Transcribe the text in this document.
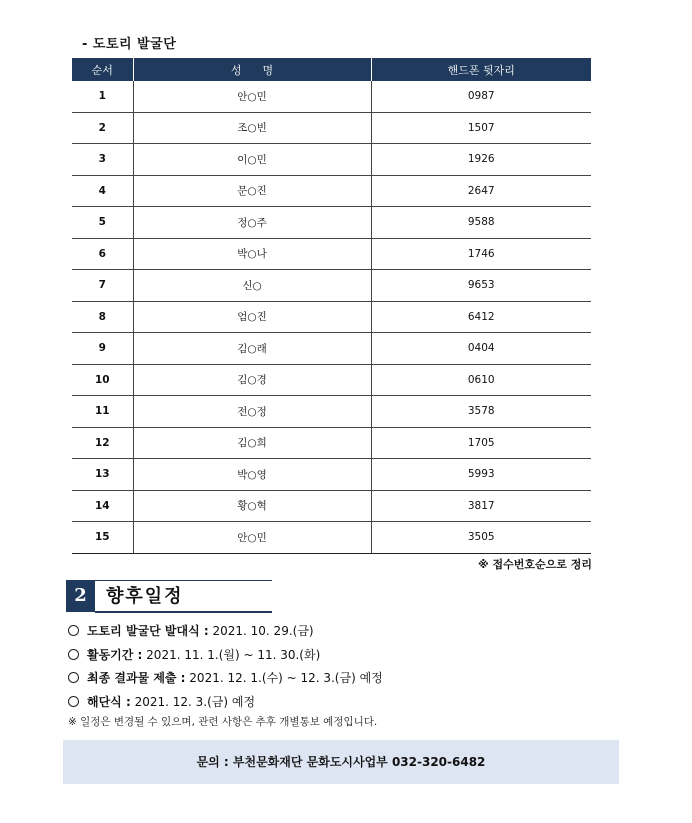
- 도토리 발굴단
순서	성      명	핸드폰 뒷자리
1	안○민	0987
2	조○빈	1507
3	이○민	1926
4	문○진	2647
5	정○주	9588
6	박○나	1746
7	신○	9653
8	엄○진	6412
9	김○래	0404
10	김○경	0610
11	전○정	3578
12	김○희	1705
13	박○영	5993
14	황○혁	3817
15	안○민	3505
※ 접수번호순으로 정리
2	향후일정
도토리 발굴단 발대식 : 2021. 10. 29.(금)
활동기간 : 2021. 11. 1.(월) ~ 11. 30.(화)
최종 결과물 제출 : 2021. 12. 1.(수) ~ 12. 3.(금) 예정
해단식 : 2021. 12. 3.(금) 예정
※ 일정은 변경될 수 있으며, 관련 사항은 추후 개별통보 예정입니다.
문의 : 부천문화재단 문화도시사업부 032-320-6482
